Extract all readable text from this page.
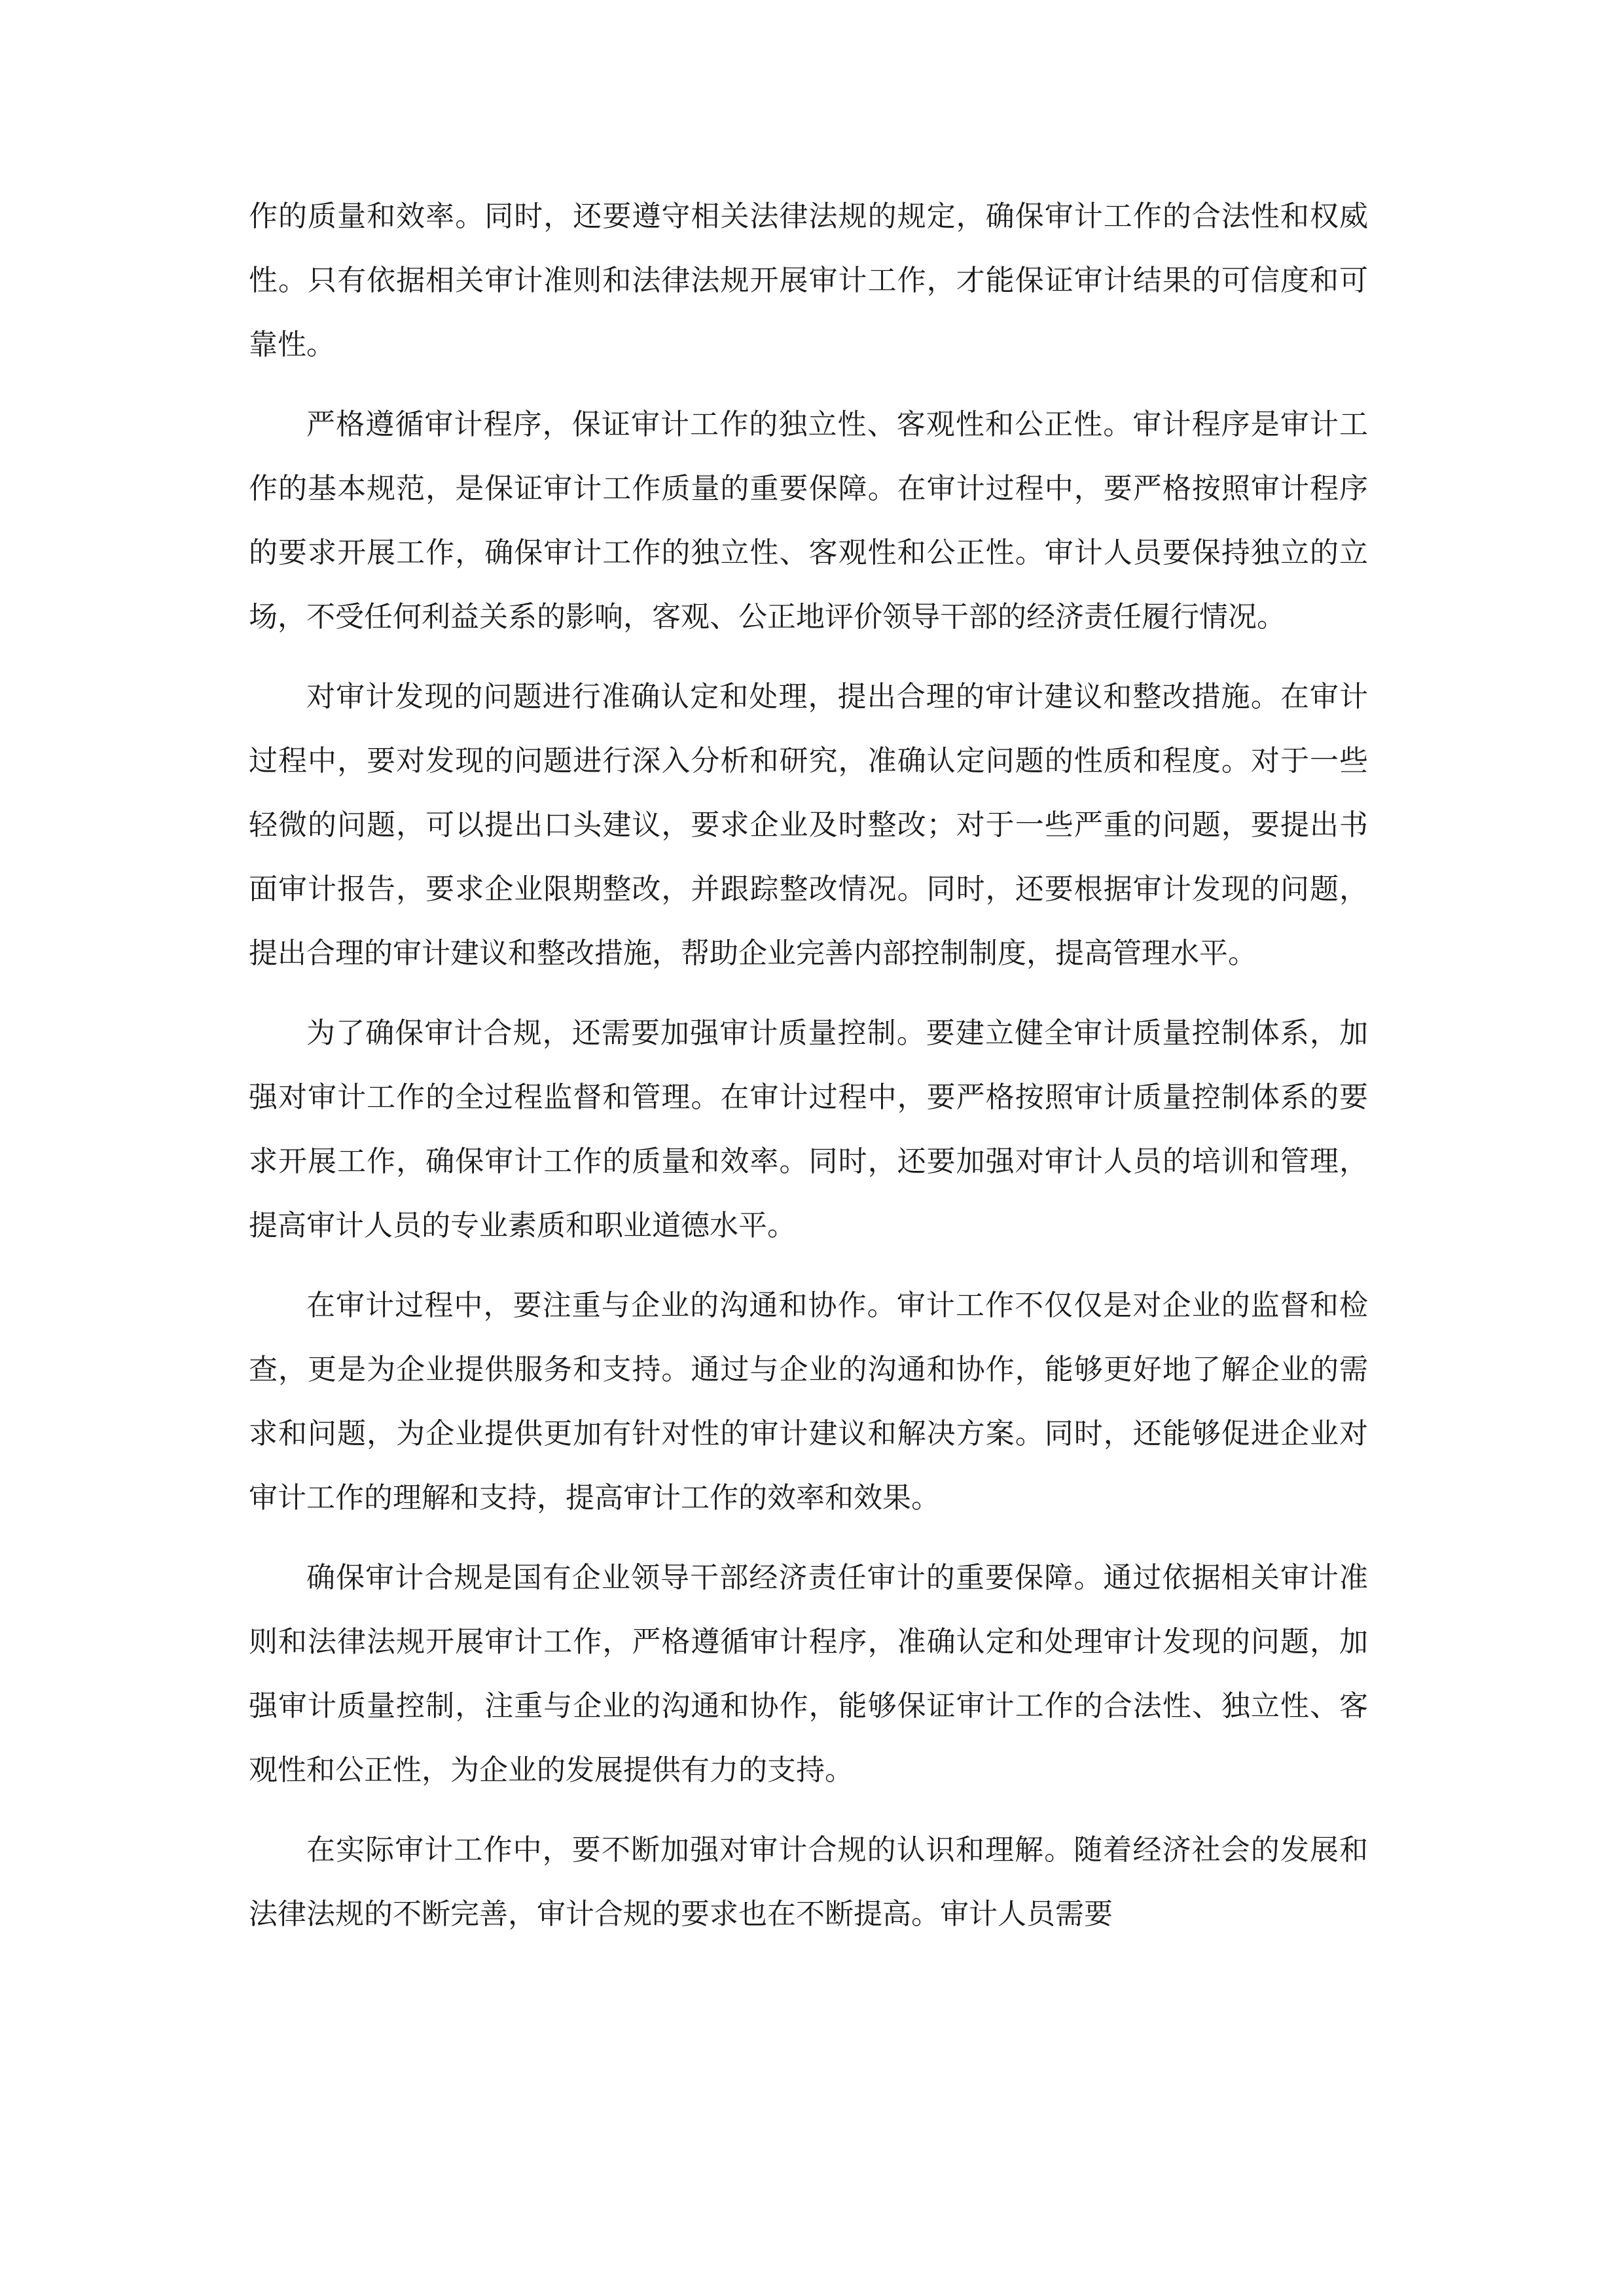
作的质量和效率。同时，还要遵守相关法律法规的规定，确保审计工作的合法性和权威性。只有依据相关审计准则和法律法规开展审计工作，才能保证审计结果的可信度和可靠性。

严格遵循审计程序，保证审计工作的独立性、客观性和公正性。审计程序是审计工作的基本规范，是保证审计工作质量的重要保障。在审计过程中，要严格按照审计程序的要求开展工作，确保审计工作的独立性、客观性和公正性。审计人员要保持独立的立场，不受任何利益关系的影响，客观、公正地评价领导干部的经济责任履行情况。

对审计发现的问题进行准确认定和处理，提出合理的审计建议和整改措施。在审计过程中，要对发现的问题进行深入分析和研究，准确认定问题的性质和程度。对于一些轻微的问题，可以提出口头建议，要求企业及时整改；对于一些严重的问题，要提出书面审计报告，要求企业限期整改，并跟踪整改情况。同时，还要根据审计发现的问题，提出合理的审计建议和整改措施，帮助企业完善内部控制制度，提高管理水平。

为了确保审计合规，还需要加强审计质量控制。要建立健全审计质量控制体系，加强对审计工作的全过程监督和管理。在审计过程中，要严格按照审计质量控制体系的要求开展工作，确保审计工作的质量和效率。同时，还要加强对审计人员的培训和管理，提高审计人员的专业素质和职业道德水平。

在审计过程中，要注重与企业的沟通和协作。审计工作不仅仅是对企业的监督和检查，更是为企业提供服务和支持。通过与企业的沟通和协作，能够更好地了解企业的需求和问题，为企业提供更加有针对性的审计建议和解决方案。同时，还能够促进企业对审计工作的理解和支持，提高审计工作的效率和效果。

确保审计合规是国有企业领导干部经济责任审计的重要保障。通过依据相关审计准则和法律法规开展审计工作，严格遵循审计程序，准确认定和处理审计发现的问题，加强审计质量控制，注重与企业的沟通和协作，能够保证审计工作的合法性、独立性、客观性和公正性，为企业的发展提供有力的支持。

在实际审计工作中，要不断加强对审计合规的认识和理解。随着经济社会的发展和法律法规的不断完善，审计合规的要求也在不断提高。审计人员需要
